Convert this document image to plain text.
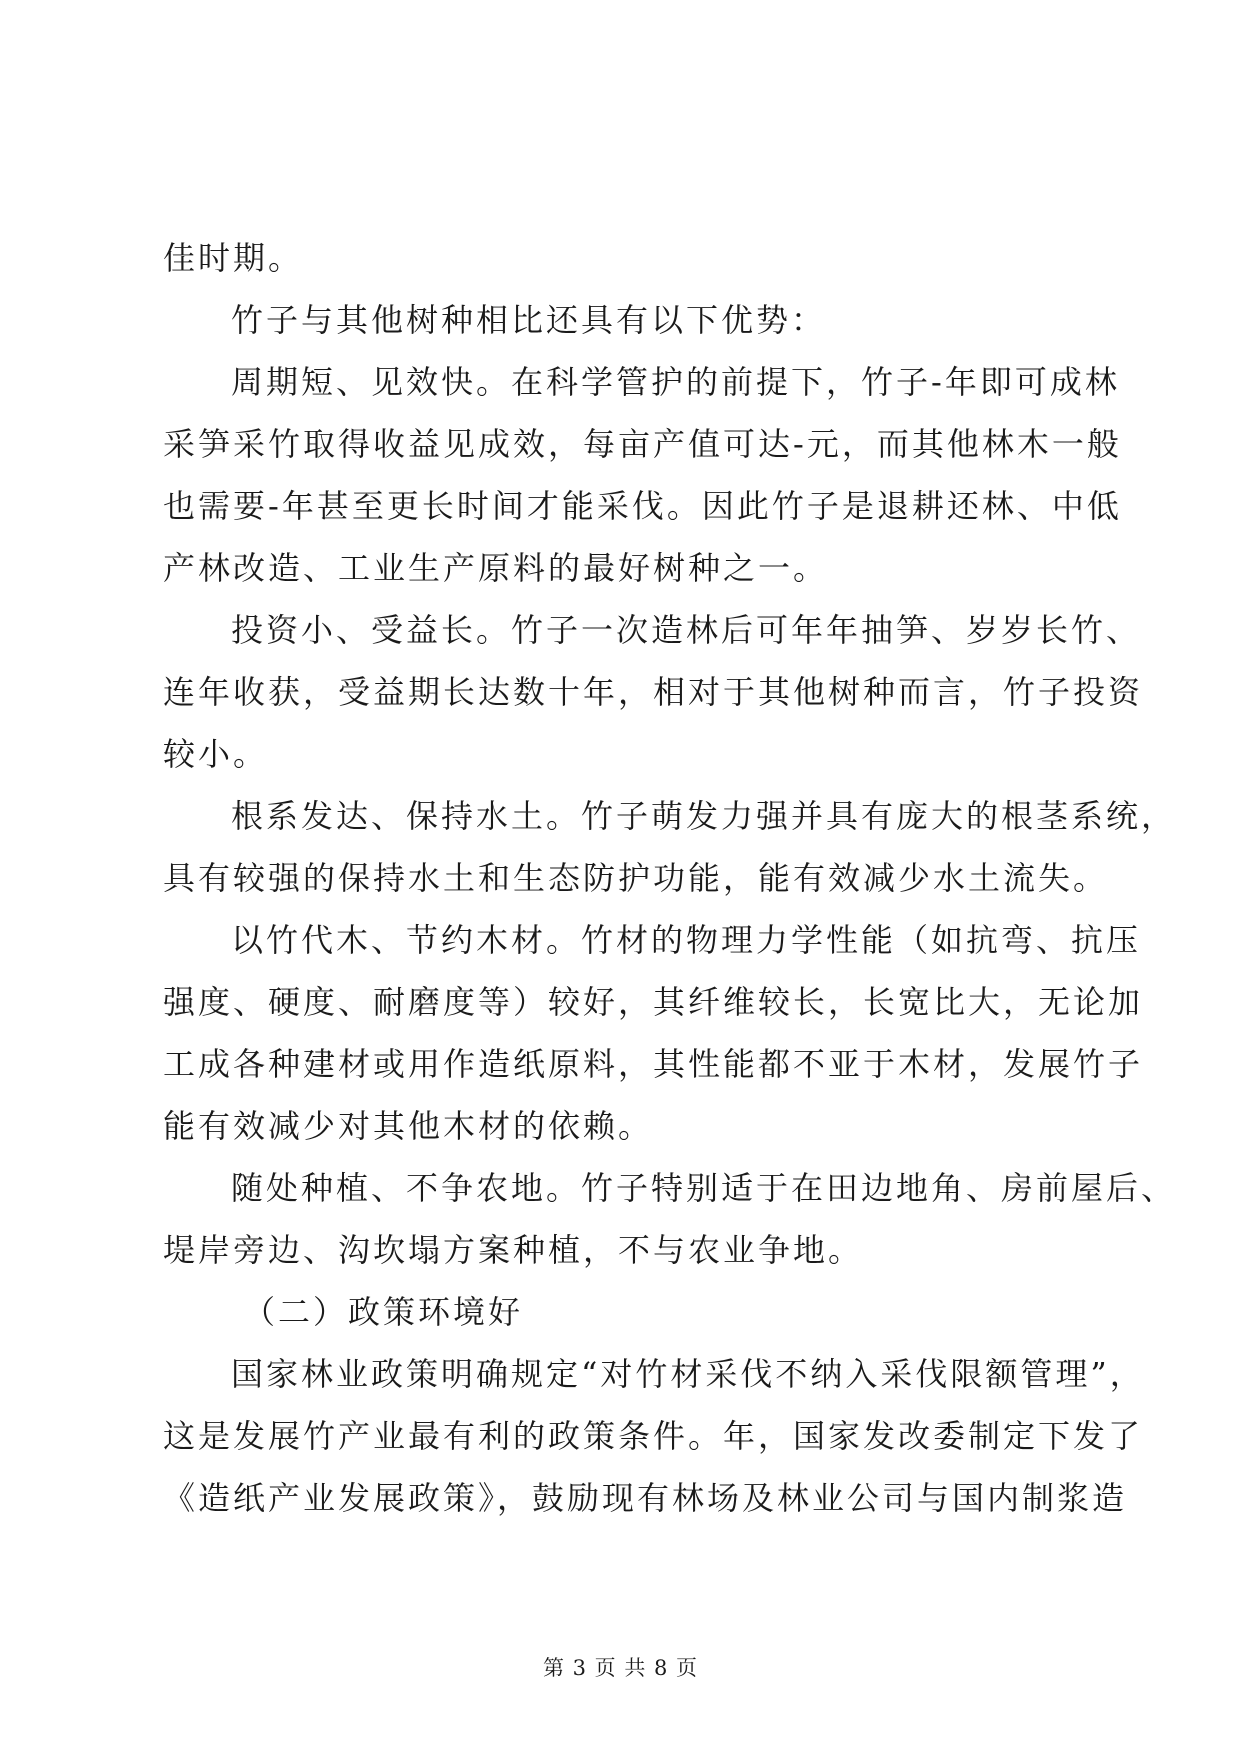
佳时期。
竹子与其他树种相比还具有以下优势：
周期短、见效快。在科学管护的前提下，竹子-年即可成林
采笋采竹取得收益见成效，每亩产值可达-元，而其他林木一般
也需要-年甚至更长时间才能采伐。因此竹子是退耕还林、中低
产林改造、工业生产原料的最好树种之一。
投资小、受益长。竹子一次造林后可年年抽笋、岁岁长竹、
连年收获，受益期长达数十年，相对于其他树种而言，竹子投资
较小。
根系发达、保持水土。竹子萌发力强并具有庞大的根茎系统，
具有较强的保持水土和生态防护功能，能有效减少水土流失。
以竹代木、节约木材。竹材的物理力学性能（如抗弯、抗压
强度、硬度、耐磨度等）较好，其纤维较长，长宽比大，无论加
工成各种建材或用作造纸原料，其性能都不亚于木材，发展竹子
能有效减少对其他木材的依赖。
随处种植、不争农地。竹子特别适于在田边地角、房前屋后、
堤岸旁边、沟坎塌方案种植，不与农业争地。
（二）政策环境好
国家林业政策明确规定“对竹材采伐不纳入采伐限额管理”，
这是发展竹产业最有利的政策条件。年，国家发改委制定下发了
《造纸产业发展政策》，鼓励现有林场及林业公司与国内制浆造
第 3 页 共 8 页
